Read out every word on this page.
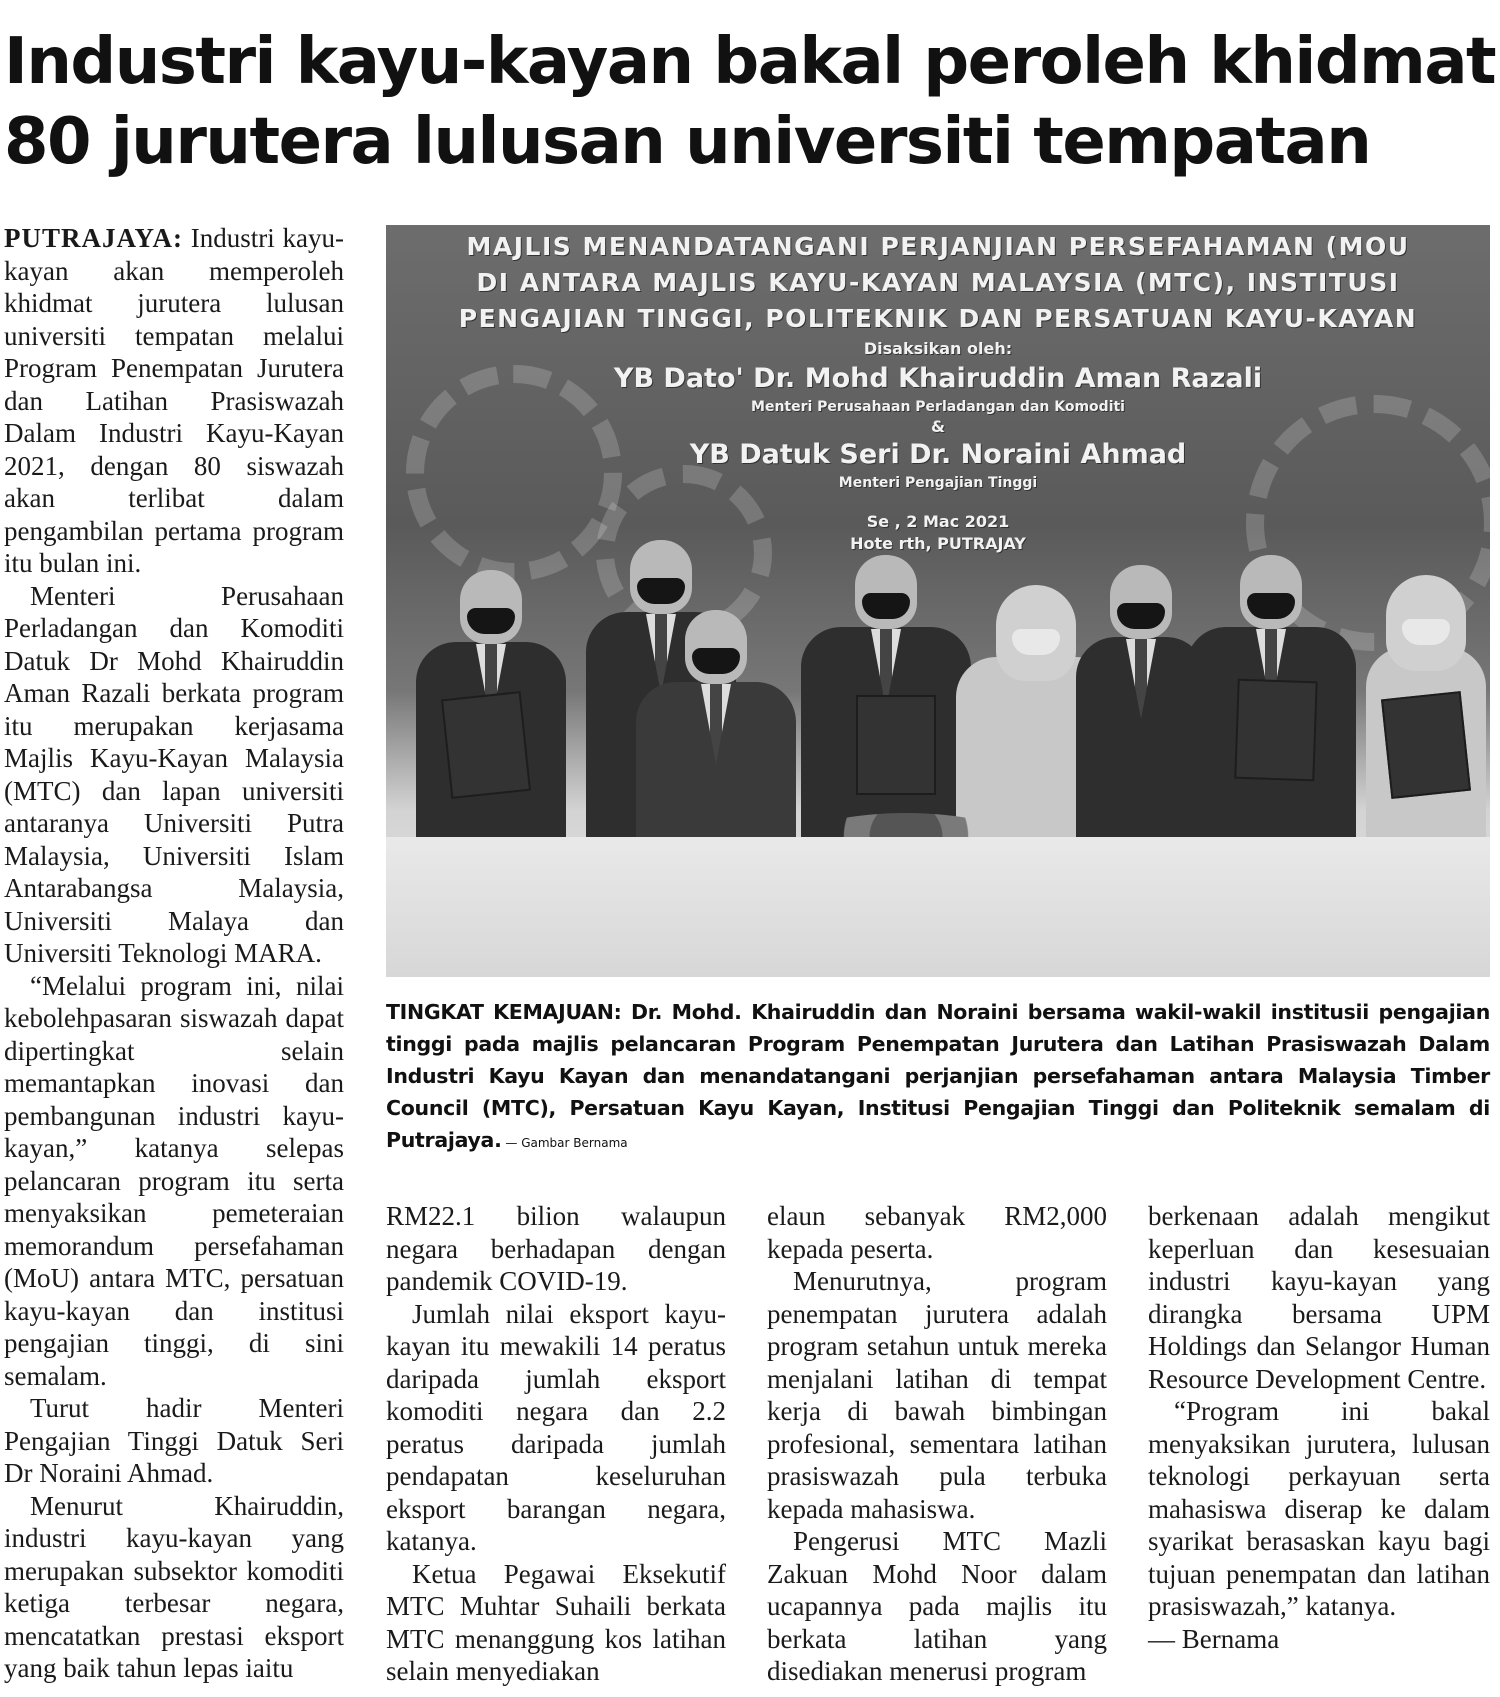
Industri kayu-kayan bakal peroleh khidmat
80 jurutera lulusan universiti tempatan

PUTRAJAYA: Industri kayu-kayan akan memperoleh khidmat jurutera lulusan universiti tempatan melalui Program Penempatan Jurutera dan Latihan Prasiswazah Dalam Industri Kayu-Kayan 2021, dengan 80 siswazah akan terlibat dalam pengambilan pertama program itu bulan ini.

Menteri Perusahaan Perladangan dan Komoditi Datuk Dr Mohd Khairuddin Aman Razali berkata program itu merupakan kerjasama Majlis Kayu-Kayan Malaysia (MTC) dan lapan universiti antaranya Universiti Putra Malaysia, Universiti Islam Antarabangsa Malaysia, Universiti Malaya dan Universiti Teknologi MARA.

“Melalui program ini, nilai kebolehpasaran siswazah dapat dipertingkat selain memantapkan inovasi dan pembangunan industri kayu-kayan,” katanya selepas pelancaran program itu serta menyaksikan pemeteraian memorandum persefahaman (MoU) antara MTC, persatuan kayu-kayan dan institusi pengajian tinggi, di sini semalam.

Turut hadir Menteri Pengajian Tinggi Datuk Seri Dr Noraini Ahmad.

Menurut Khairuddin, industri kayu-kayan yang merupakan subsektor komoditi ketiga terbesar negara, mencatatkan prestasi eksport yang baik tahun lepas iaitu

MAJLIS MENANDATANGANI PERJANJIAN PERSEFAHAMAN (MOU
DI ANTARA MAJLIS KAYU-KAYAN MALAYSIA (MTC), INSTITUSI
PENGAJIAN TINGGI, POLITEKNIK DAN PERSATUAN KAYU-KAYAN
Disaksikan oleh:
YB Dato' Dr. Mohd Khairuddin Aman Razali
Menteri Perusahaan Perladangan dan Komoditi
&
YB Datuk Seri Dr. Noraini Ahmad
Menteri Pengajian Tinggi
Se , 2 Mac 2021
Hote rth, PUTRAJAY
TINGKAT KEMAJUAN: Dr. Mohd. Khairuddin dan Noraini bersama wakil-wakil institusii pengajian tinggi pada majlis pelancaran Program Penempatan Jurutera dan Latihan Prasiswazah Dalam Industri Kayu Kayan dan menandatangani perjanjian persefahaman antara Malaysia Timber Council (MTC), Persatuan Kayu Kayan, Institusi Pengajian Tinggi dan Politeknik semalam di Putrajaya. — Gambar Bernama

RM22.1 bilion walaupun negara berhadapan dengan pandemik COVID-19.

Jumlah nilai eksport kayu-kayan itu mewakili 14 peratus daripada jumlah eksport komoditi negara dan 2.2 peratus daripada jumlah pendapatan keseluruhan eksport barangan negara, katanya.

Ketua Pegawai Eksekutif MTC Muhtar Suhaili berkata MTC menanggung kos latihan selain menyediakan

elaun sebanyak RM2,000 kepada peserta.

Menurutnya, program penempatan jurutera adalah program setahun untuk mereka menjalani latihan di tempat kerja di bawah bimbingan profesional, sementara latihan prasiswazah pula terbuka kepada mahasiswa.

Pengerusi MTC Mazli Zakuan Mohd Noor dalam ucapannya pada majlis itu berkata latihan yang disediakan menerusi program

berkenaan adalah mengikut keperluan dan kesesuaian industri kayu-kayan yang dirangka bersama UPM Holdings dan Selangor Human Resource Development Centre.

“Program ini bakal menyaksikan jurutera, lulusan teknologi perkayuan serta mahasiswa diserap ke dalam syarikat berasaskan kayu bagi tujuan penempatan dan latihan prasiswazah,” katanya.

— Bernama
